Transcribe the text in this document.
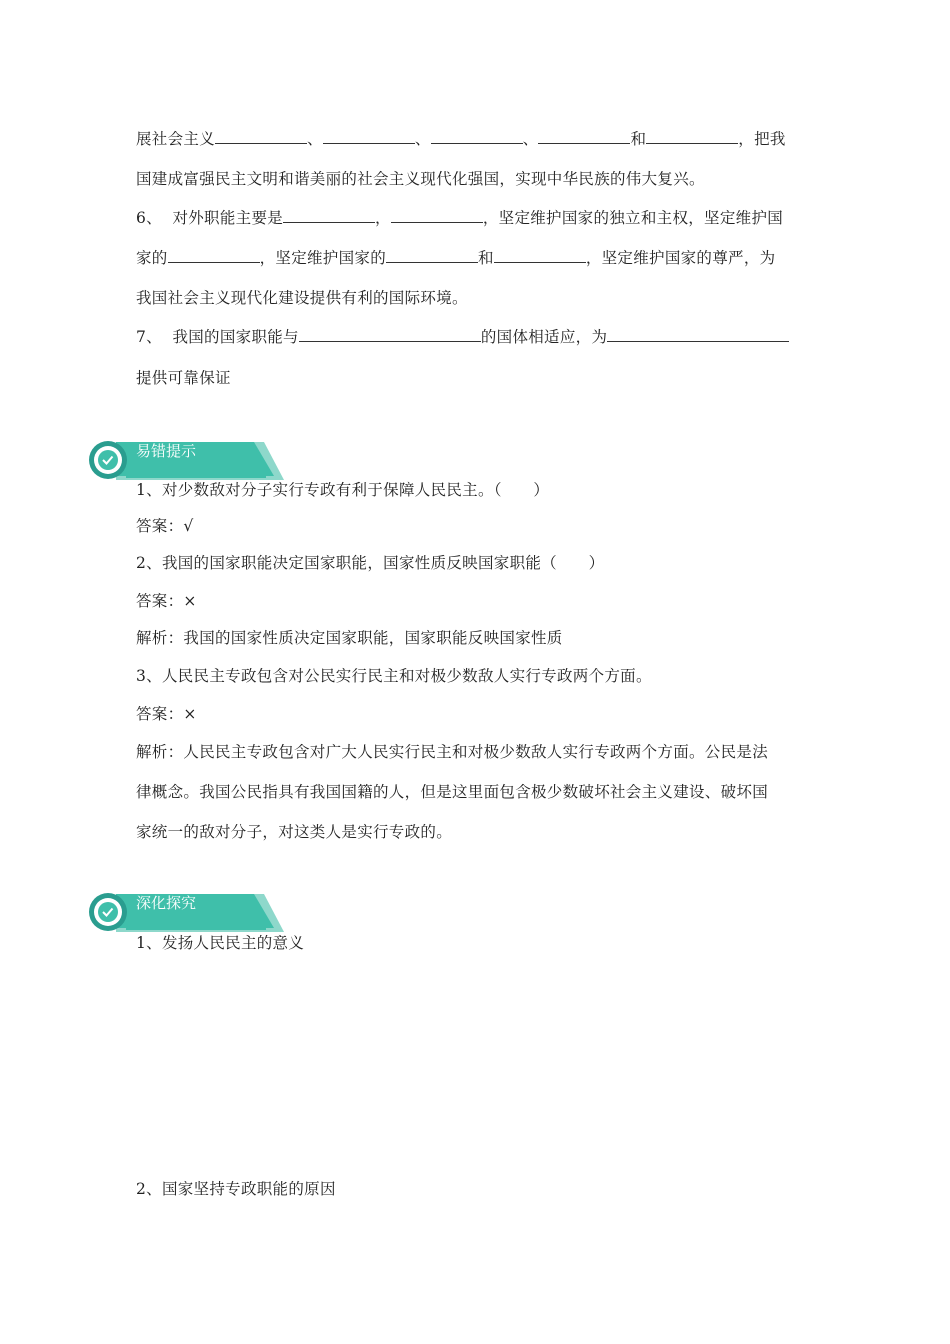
展社会主义	、	、	、	和	，把我
国建成富强民主文明和谐美丽的社会主义现代化强国，实现中华民族的伟大复兴。
6、 对外职能主要是	，	，坚定维护国家的独立和主权，坚定维护国
家的	，坚定维护国家的	和	，坚定维护国家的尊严，为
我国社会主义现代化建设提供有利的国际环境。
7、 我国的国家职能与	的国体相适应，为
提供可靠保证
易错提示
1、对少数敌对分子实行专政有利于保障人民民主。（　　）
答案：√
2、我国的国家职能决定国家职能，国家性质反映国家职能（　　）
答案：×
解析：我国的国家性质决定国家职能，国家职能反映国家性质
3、人民民主专政包含对公民实行民主和对极少数敌人实行专政两个方面。
答案：×
解析：人民民主专政包含对广大人民实行民主和对极少数敌人实行专政两个方面。公民是法
律概念。我国公民指具有我国国籍的人，但是这里面包含极少数破坏社会主义建设、破坏国
家统一的敌对分子，对这类人是实行专政的。
深化探究
1、发扬人民民主的意义
2、国家坚持专政职能的原因
